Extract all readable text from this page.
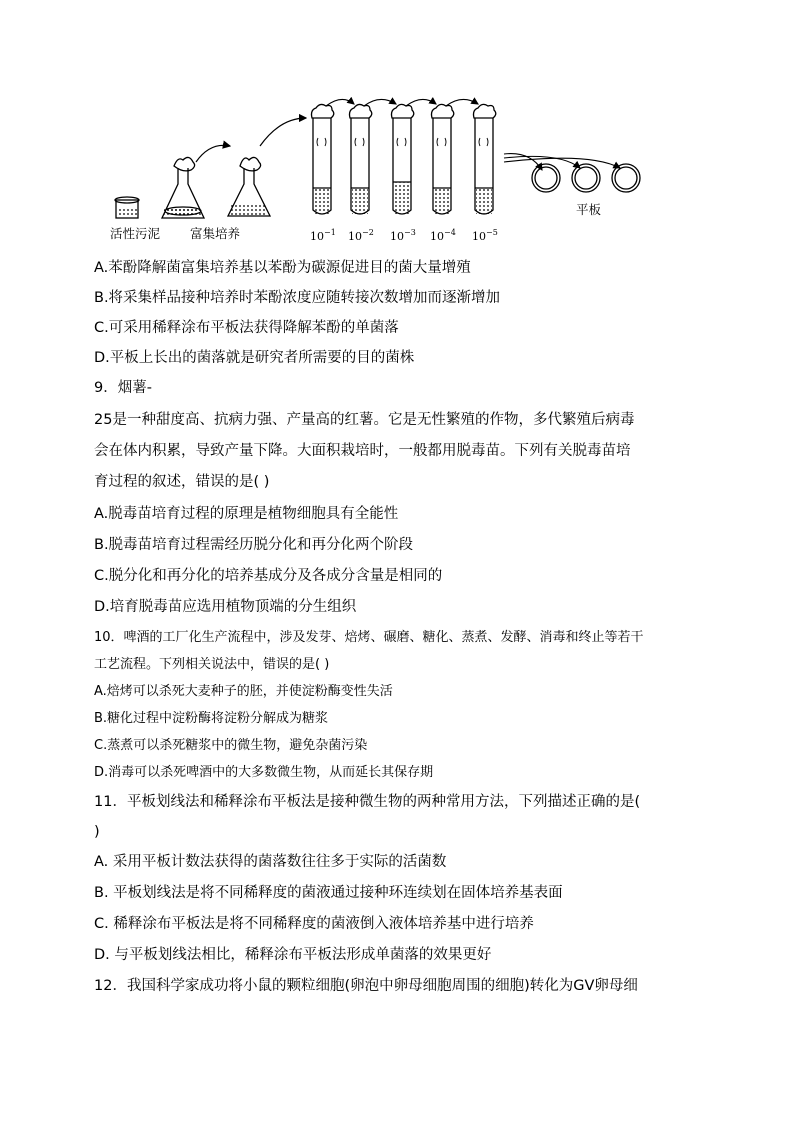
活性污泥 富集培养
平板
$10^{-1}$ $10^{-2}$ $10^{-3}$ $10^{-4}$ $10^{-5}$
A.苯酚降解菌富集培养基以苯酚为碳源促进目的菌大量增殖
B.将采集样品接种培养时苯酚浓度应随转接次数增加而逐渐增加
C.可采用稀释涂布平板法获得降解苯酚的单菌落
D.平板上长出的菌落就是研究者所需要的目的菌株
9．烟薯-
25是一种甜度高、抗病力强、产量高的红薯。它是无性繁殖的作物，多代繁殖后病毒
会在体内积累，导致产量下降。大面积栽培时，一般都用脱毒苗。下列有关脱毒苗培
育过程的叙述，错误的是( )
A.脱毒苗培育过程的原理是植物细胞具有全能性
B.脱毒苗培育过程需经历脱分化和再分化两个阶段
C.脱分化和再分化的培养基成分及各成分含量是相同的
D.培育脱毒苗应选用植物顶端的分生组织
10．啤酒的工厂化生产流程中，涉及发芽、焙烤、碾磨、糖化、蒸煮、发酵、消毒和终止等若干
工艺流程。下列相关说法中，错误的是( )
A.焙烤可以杀死大麦种子的胚，并使淀粉酶变性失活
B.糖化过程中淀粉酶将淀粉分解成为糖浆
C.蒸煮可以杀死糖浆中的微生物，避免杂菌污染
D.消毒可以杀死啤酒中的大多数微生物，从而延长其保存期
11．平板划线法和稀释涂布平板法是接种微生物的两种常用方法，下列描述正确的是(
)
A. 采用平板计数法获得的菌落数往往多于实际的活菌数
B. 平板划线法是将不同稀释度的菌液通过接种环连续划在固体培养基表面
C. 稀释涂布平板法是将不同稀释度的菌液倒入液体培养基中进行培养
D. 与平板划线法相比，稀释涂布平板法形成单菌落的效果更好
12．我国科学家成功将小鼠的颗粒细胞(卵泡中卵母细胞周围的细胞)转化为GV卵母细
